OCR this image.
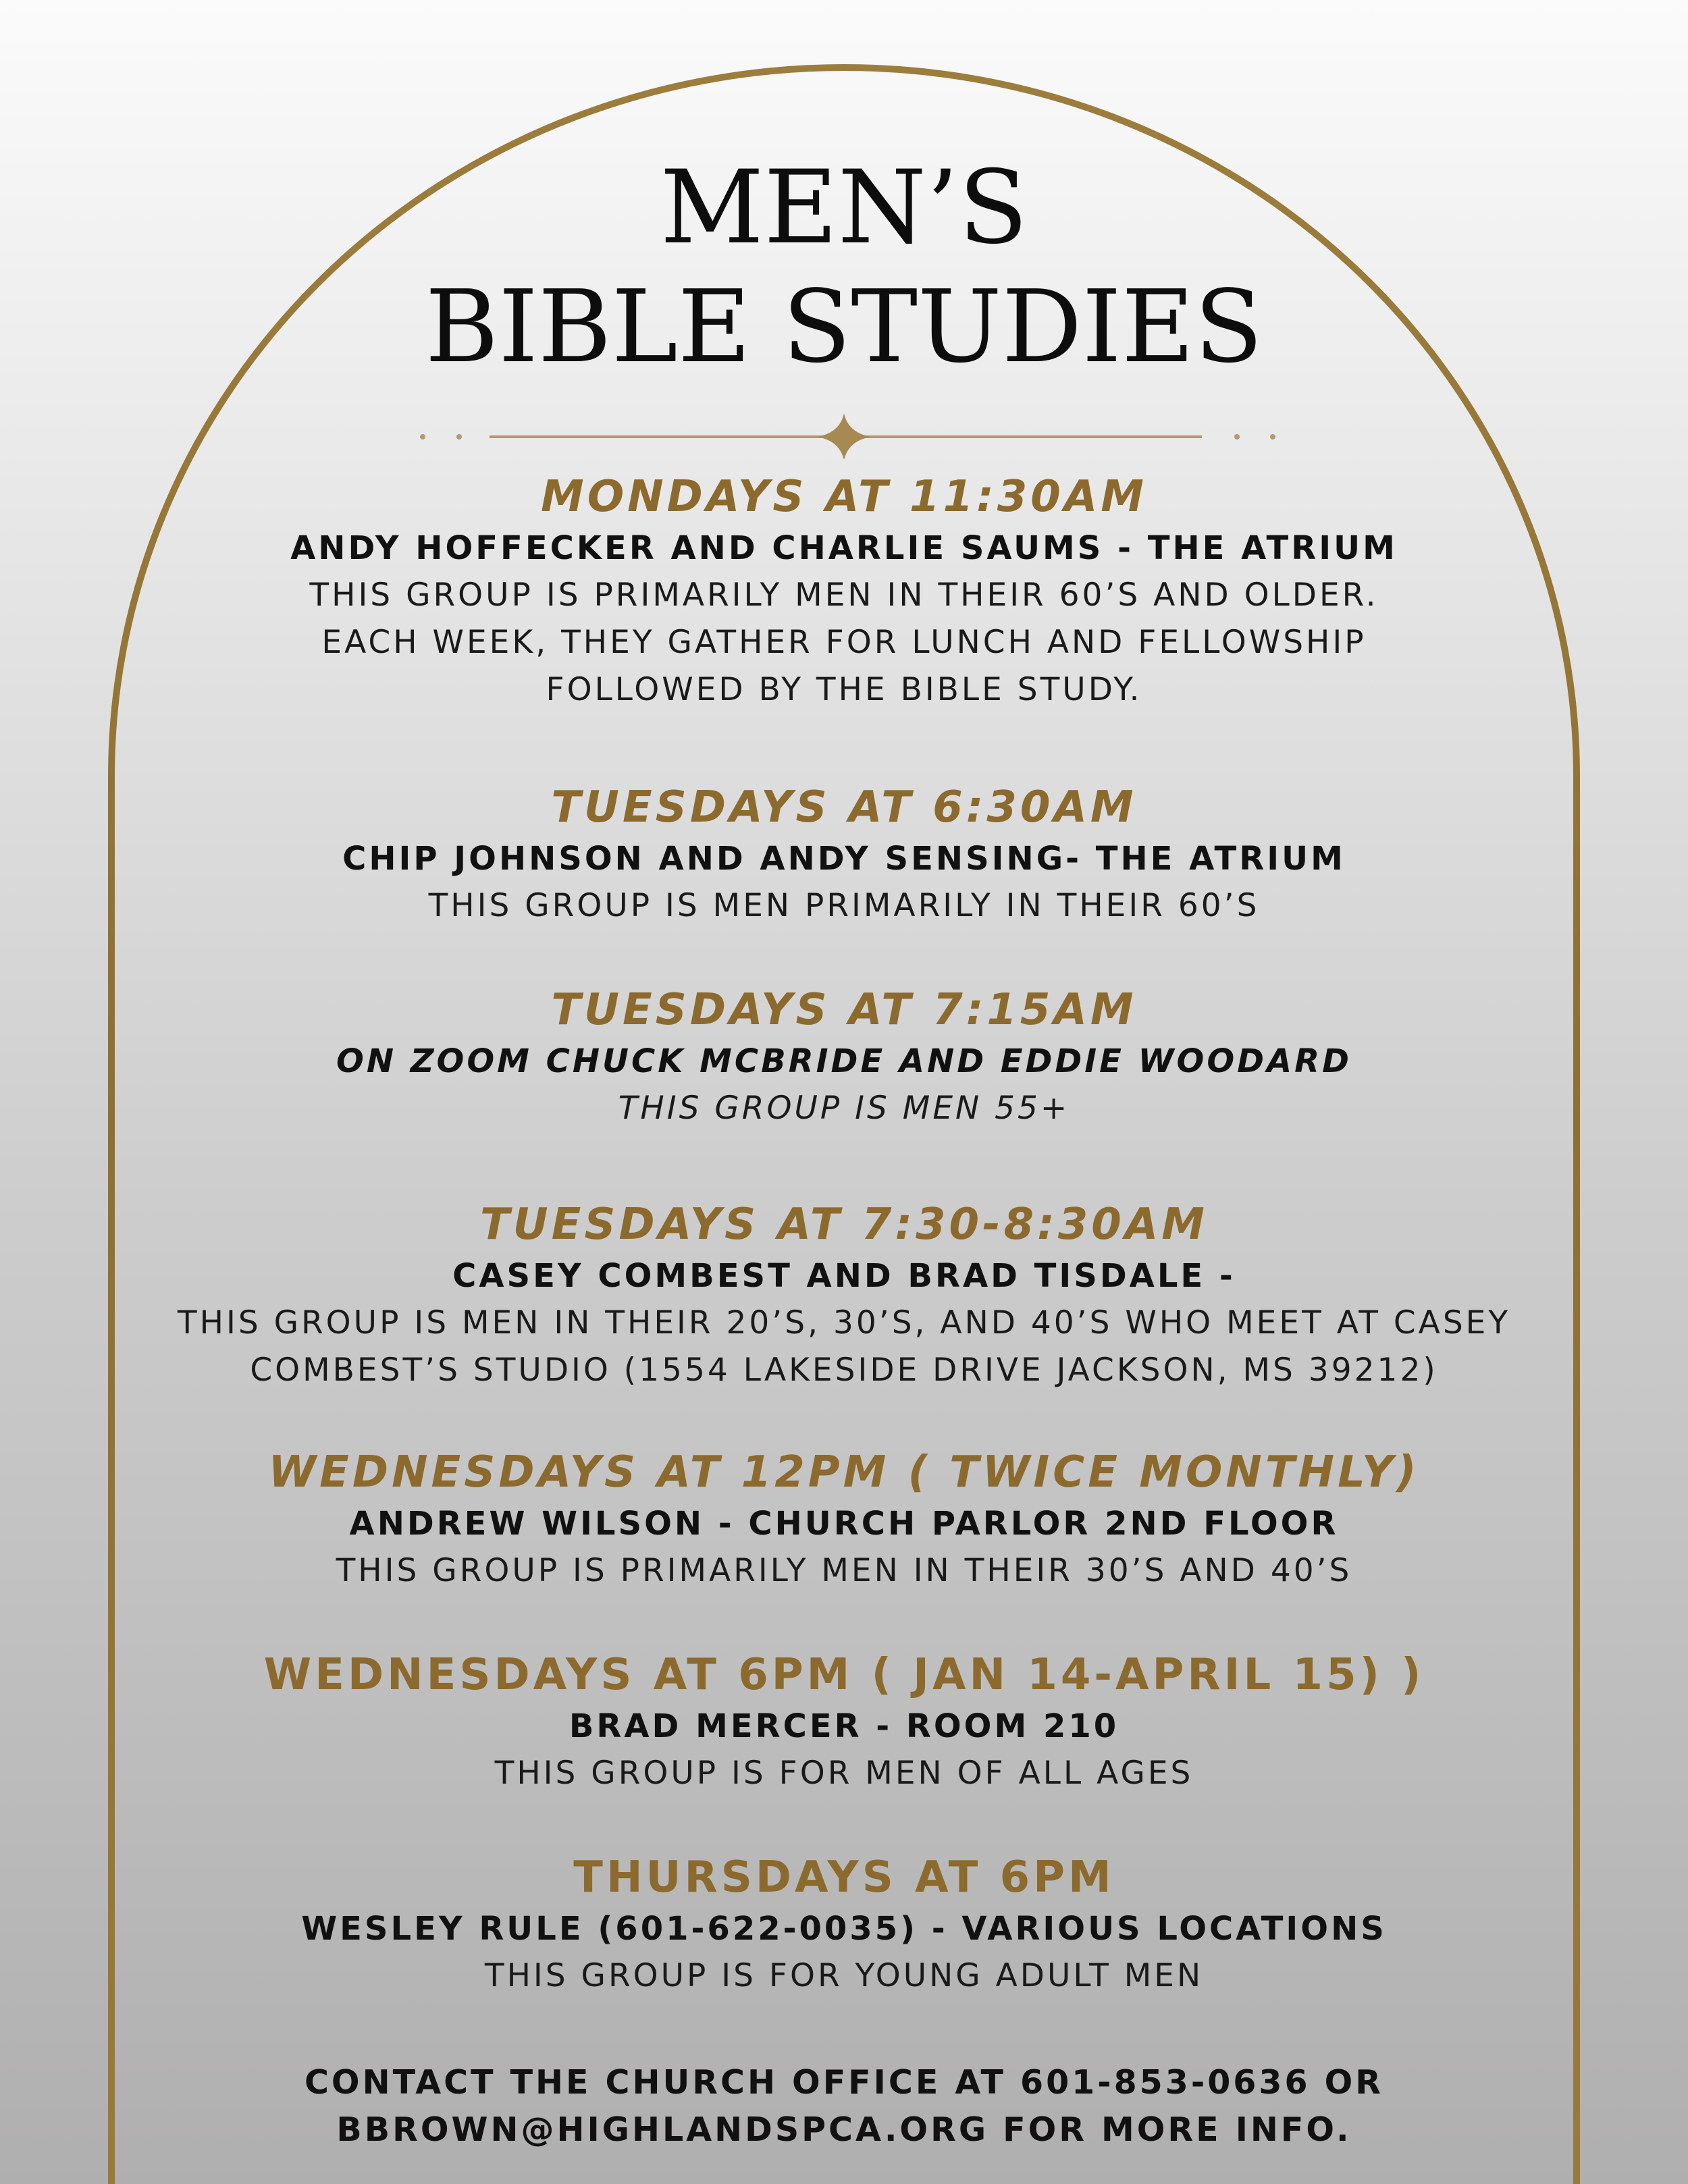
MEN’S
BIBLE STUDIES
MONDAYS AT 11:30AM
ANDY HOFFECKER AND CHARLIE SAUMS - THE ATRIUM
THIS GROUP IS PRIMARILY MEN IN THEIR 60’S AND OLDER.
EACH WEEK, THEY GATHER FOR LUNCH AND FELLOWSHIP
FOLLOWED BY THE BIBLE STUDY.
TUESDAYS AT 6:30AM
CHIP JOHNSON AND ANDY SENSING- THE ATRIUM
THIS GROUP IS MEN PRIMARILY IN THEIR 60’S
TUESDAYS AT 7:15AM
ON ZOOM CHUCK MCBRIDE AND EDDIE WOODARD
THIS GROUP IS MEN 55+
TUESDAYS AT 7:30-8:30AM
CASEY COMBEST AND BRAD TISDALE -
THIS GROUP IS MEN IN THEIR 20’S, 30’S, AND 40’S WHO MEET AT CASEY
COMBEST’S STUDIO (1554 LAKESIDE DRIVE JACKSON, MS 39212)
WEDNESDAYS AT 12PM ( TWICE MONTHLY)
ANDREW WILSON - CHURCH PARLOR 2ND FLOOR
THIS GROUP IS PRIMARILY MEN IN THEIR 30’S AND 40’S
WEDNESDAYS AT 6PM ( JAN 14-APRIL 15) )
BRAD MERCER - ROOM 210
THIS GROUP IS FOR MEN OF ALL AGES
THURSDAYS AT 6PM
WESLEY RULE (601-622-0035) - VARIOUS LOCATIONS
THIS GROUP IS FOR YOUNG ADULT MEN
CONTACT THE CHURCH OFFICE AT 601-853-0636 OR
BBROWN@HIGHLANDSPCA.ORG FOR MORE INFO.
